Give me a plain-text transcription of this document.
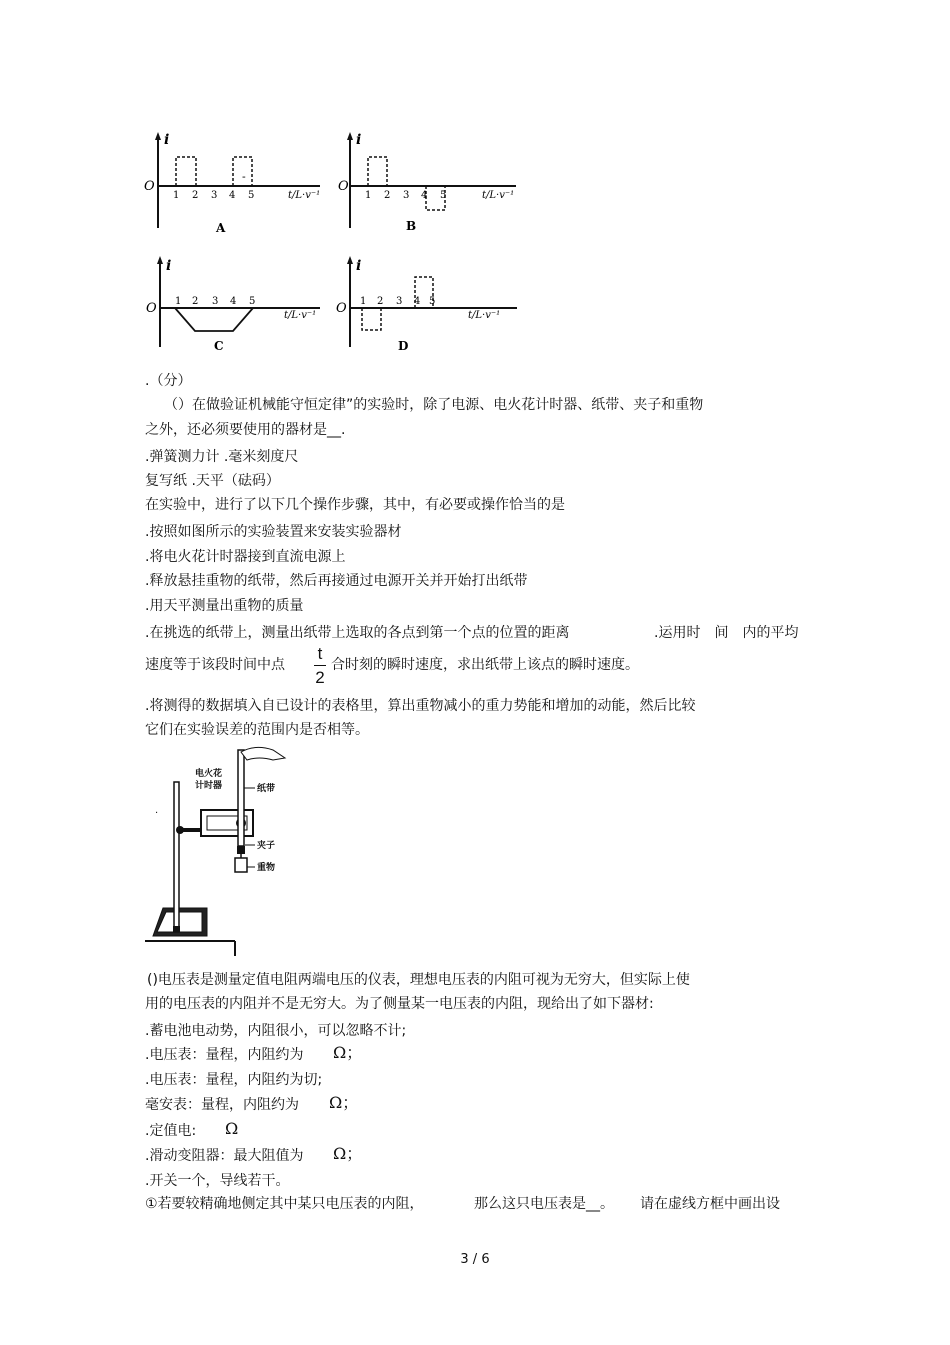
i
O
-
1 2 3 4 5	t/L·v⁻¹
A
i
O
1 2 3 4 5	t/L·v⁻¹
B
i
O 1 2 3 4 5
t/L·v⁻¹
C
i
O 1 2 3 4 5
t/L·v⁻¹
D
.（分）
（）在做验证机械能守恒定律”的实验时，除了电源、电火花计时器、纸带、夹子和重物
之外，还必须要使用的器材是__.
.弹簧测力计 .毫米刻度尺
复写纸 .天平（砝码）
在实验中，进行了以下几个操作步骤，其中，有必要或操作恰当的是
.按照如图所示的实验装置来安装实验器材
.将电火花计时器接到直流电源上
.释放悬挂重物的纸带，然后再接通过电源开关并开始打出纸带
.用天平测量出重物的质量
.在挑选的纸带上，测量出纸带上选取的各点到第一个点的位置的距离	.运用时　间　内的平均
速度等于该段时间中点
t
2
合时刻的瞬时速度，求出纸带上该点的瞬时速度。
.将测得的数据填入自已设计的表格里，算出重物减小的重力势能和增加的动能，然后比较
它们在实验误差的范围内是否相等。
·
电火花
计时器	纸带
夹子
重物
()电压表是测量定值电阻两端电压的仪表，理想电压表的内阻可视为无穷大，但实际上使
用的电压表的内阻并不是无穷大。为了侧量某一电压表的内阻，现给出了如下器材:
.蓄电池电动势，内阻很小，可以忽略不计;
.电压表：量程，内阻约为 Ω；
.电压表：量程，内阻约为切;
毫安表：量程，内阻约为 Ω；
.定值电: Ω
.滑动变阻器：最大阻值为 Ω；
.开关一个，导线若干。
①若要较精确地侧定其中某只电压表的内阻，	那么这只电压表是__。 请在虚线方框中画出设
3 / 6
